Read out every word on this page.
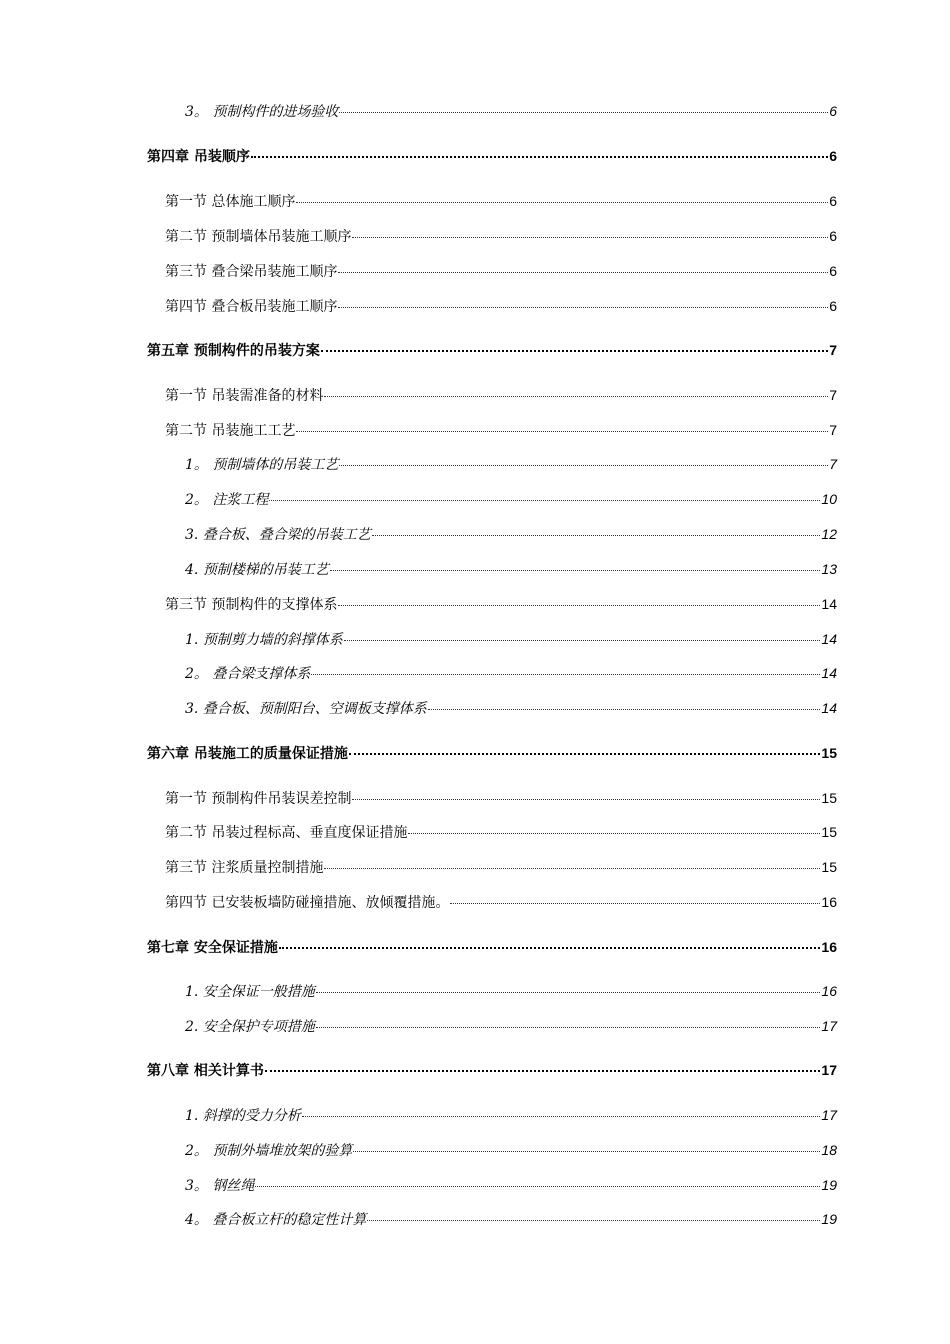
3。 预制构件的进场验收	6
第四章 吊装顺序	6
第一节 总体施工顺序	6
第二节 预制墙体吊装施工顺序	6
第三节 叠合梁吊装施工顺序	6
第四节 叠合板吊装施工顺序	6
第五章 预制构件的吊装方案	7
第一节 吊装需准备的材料	7
第二节 吊装施工工艺	7
1。 预制墙体的吊装工艺	7
2。 注浆工程	10
3. 叠合板、叠合梁的吊装工艺	12
4. 预制楼梯的吊装工艺	13
第三节 预制构件的支撑体系	14
1. 预制剪力墙的斜撑体系	14
2。 叠合梁支撑体系	14
3. 叠合板、预制阳台、空调板支撑体系	14
第六章 吊装施工的质量保证措施	15
第一节 预制构件吊装误差控制	15
第二节 吊装过程标高、垂直度保证措施	15
第三节 注浆质量控制措施	15
第四节 已安装板墙防碰撞措施、放倾覆措施。	16
第七章 安全保证措施	16
1. 安全保证一般措施	16
2. 安全保护专项措施	17
第八章 相关计算书	17
1. 斜撑的受力分析	17
2。 预制外墙堆放架的验算	18
3。 钢丝绳	19
4。 叠合板立杆的稳定性计算	19
